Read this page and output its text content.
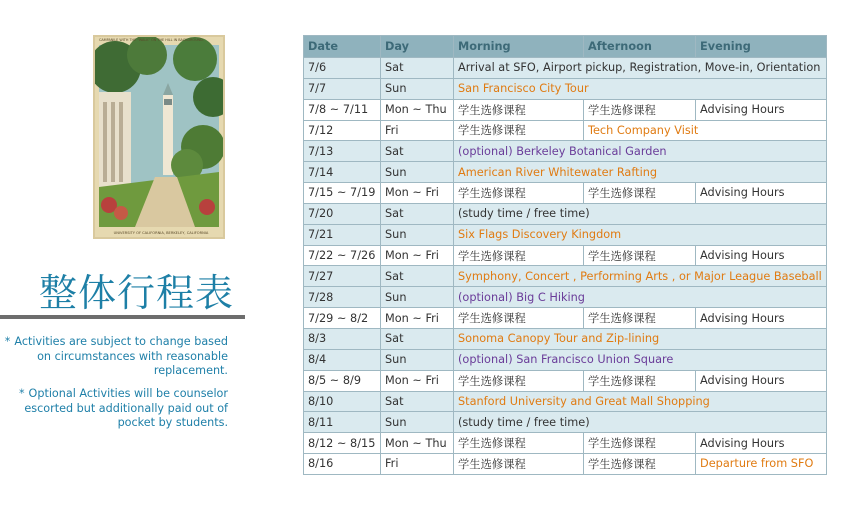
CAMPANILE WITH THE "WALK" ON THE HILL IN BACKGROUND.
UNIVERSITY OF CALIFORNIA, BERKELEY, CALIFORNIA
整体行程表
* Activities are subject to change based on circumstances with reasonable replacement.
* Optional Activities will be counselor escorted but additionally paid out of pocket by students.
Date	Day	Morning	Afternoon	Evening
7/6	Sat	Arrival at SFO, Airport pickup, Registration, Move-in, Orientation		
7/7	Sun	San Francisco City Tour		
7/8 ~ 7/11	Mon ~ Thu	学生选修课程	学生选修课程	Advising Hours
7/12	Fri	学生选修课程	Tech Company Visit	
7/13	Sat	(optional) Berkeley Botanical Garden		
7/14	Sun	American River Whitewater Rafting		
7/15 ~ 7/19	Mon ~ Fri	学生选修课程	学生选修课程	Advising Hours
7/20	Sat	(study time / free time)		
7/21	Sun	Six Flags Discovery Kingdom		
7/22 ~ 7/26	Mon ~ Fri	学生选修课程	学生选修课程	Advising Hours
7/27	Sat	Symphony, Concert , Performing Arts , or Major League Baseball		
7/28	Sun	(optional) Big C Hiking		
7/29 ~ 8/2	Mon ~ Fri	学生选修课程	学生选修课程	Advising Hours
8/3	Sat	Sonoma Canopy Tour and Zip-lining		
8/4	Sun	(optional) San Francisco Union Square		
8/5 ~ 8/9	Mon ~ Fri	学生选修课程	学生选修课程	Advising Hours
8/10	Sat	Stanford University and Great Mall Shopping		
8/11	Sun	(study time / free time)		
8/12 ~ 8/15	Mon ~ Thu	学生选修课程	学生选修课程	Advising Hours
8/16	Fri	学生选修课程	学生选修课程	Departure from SFO
